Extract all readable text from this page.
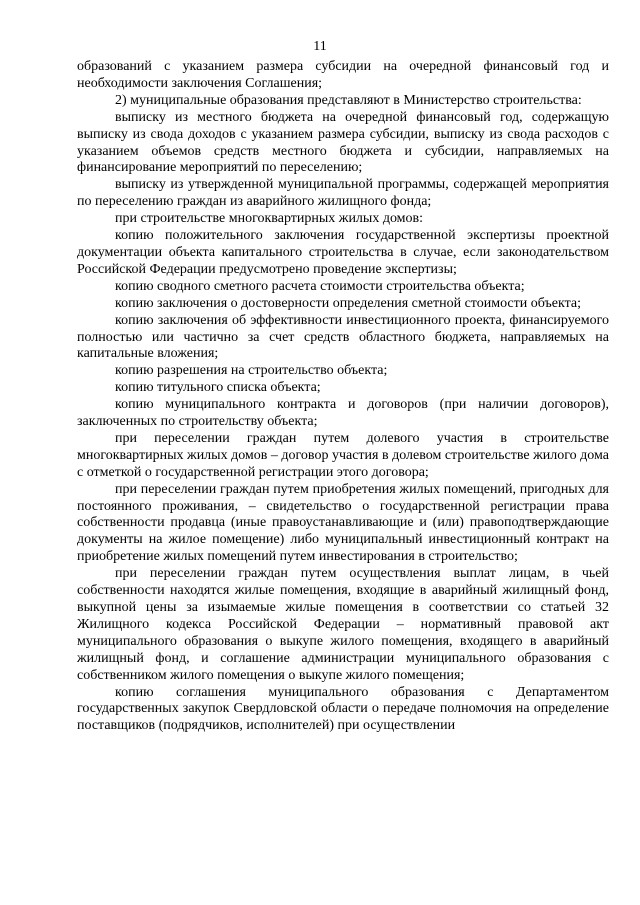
11

образований с указанием размера субсидии на очередной финансовый год и необходимости заключения Соглашения;

2) муниципальные образования представляют в Министерство строительства:

выписку из местного бюджета на очередной финансовый год, содержащую выписку из свода доходов с указанием размера субсидии, выписку из свода расходов с указанием объемов средств местного бюджета и субсидии, направляемых на финансирование мероприятий по переселению;

выписку из утвержденной муниципальной программы, содержащей мероприятия по переселению граждан из аварийного жилищного фонда;

при строительстве многоквартирных жилых домов:

копию положительного заключения государственной экспертизы проектной документации объекта капитального строительства в случае, если законодательством Российской Федерации предусмотрено проведение экспертизы;

копию сводного сметного расчета стоимости строительства объекта;

копию заключения о достоверности определения сметной стоимости объекта;

копию заключения об эффективности инвестиционного проекта, финансируемого полностью или частично за счет средств областного бюджета, направляемых на капитальные вложения;

копию разрешения на строительство объекта;

копию титульного списка объекта;

копию муниципального контракта и договоров (при наличии договоров), заключенных по строительству объекта;

при переселении граждан путем долевого участия в строительстве многоквартирных жилых домов – договор участия в долевом строительстве жилого дома с отметкой о государственной регистрации этого договора;

при переселении граждан путем приобретения жилых помещений, пригодных для постоянного проживания, – свидетельство о государственной регистрации права собственности продавца (иные правоустанавливающие и (или) правоподтверждающие документы на жилое помещение) либо муниципальный инвестиционный контракт на приобретение жилых помещений путем инвестирования в строительство;

при переселении граждан путем осуществления выплат лицам, в чьей собственности находятся жилые помещения, входящие в аварийный жилищный фонд, выкупной цены за изымаемые жилые помещения в соответствии со статьей 32 Жилищного кодекса Российской Федерации – нормативный правовой акт муниципального образования о выкупе жилого помещения, входящего в аварийный жилищный фонд, и соглашение администрации муниципального образования с собственником жилого помещения о выкупе жилого помещения;

копию соглашения муниципального образования с Департаментом государственных закупок Свердловской области о передаче полномочия на определение поставщиков (подрядчиков, исполнителей) при осуществлении
